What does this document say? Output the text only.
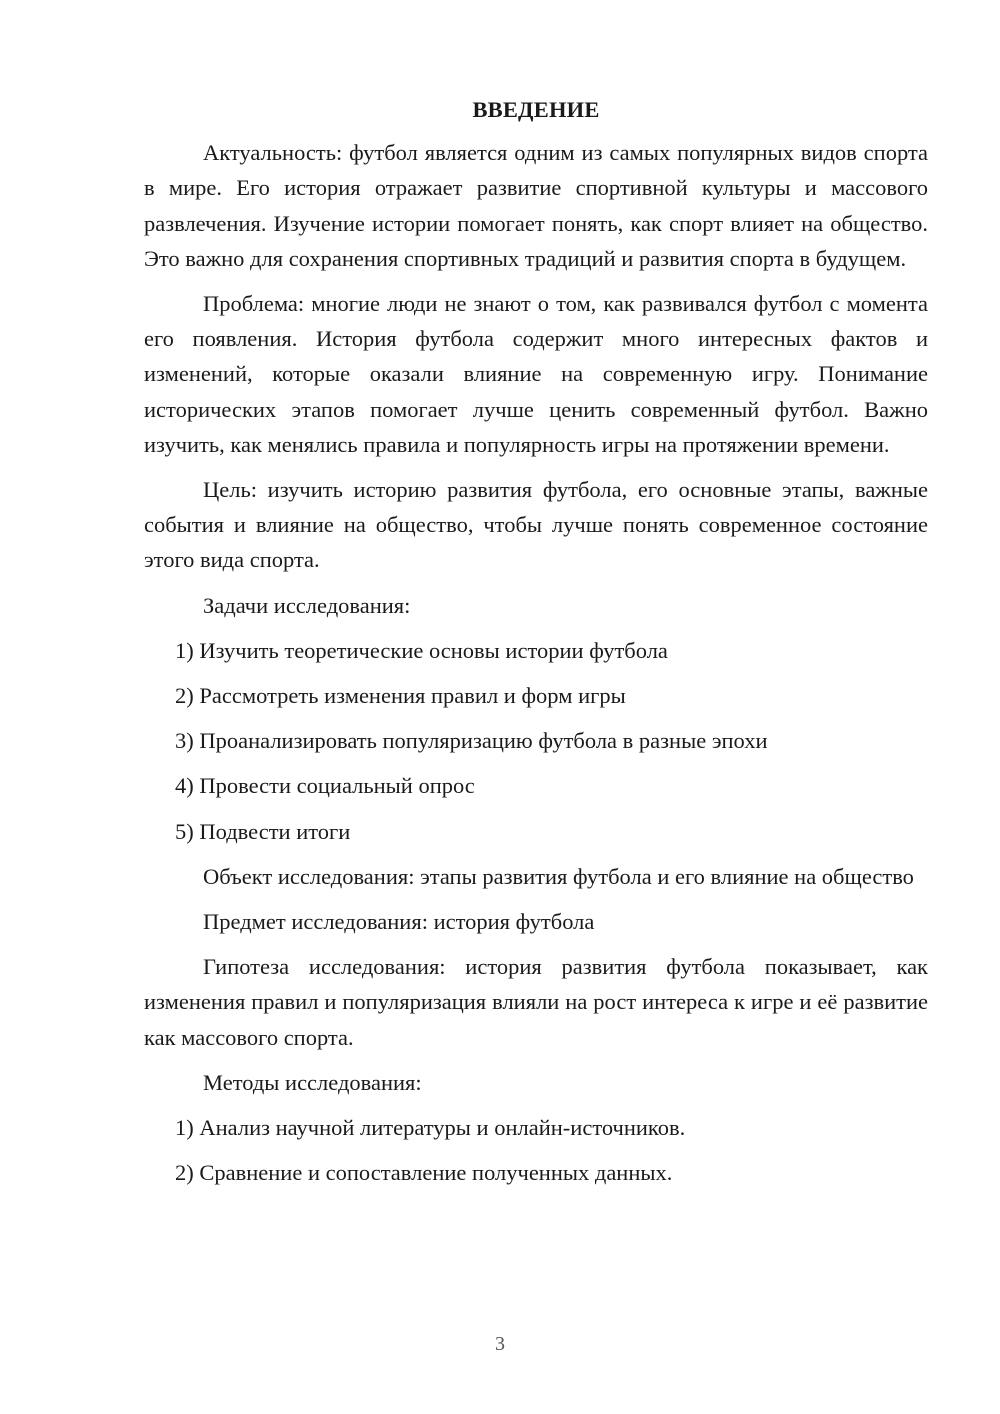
ВВЕДЕНИЕ

Актуальность: футбол является одним из самых популярных видов спорта в мире. Его история отражает развитие спортивной культуры и массового развлечения. Изучение истории помогает понять, как спорт влияет на общество. Это важно для сохранения спортивных традиций и развития спорта в будущем.

Проблема: многие люди не знают о том, как развивался футбол с момента его появления. История футбола содержит много интересных фактов и изменений, которые оказали влияние на современную игру. Понимание исторических этапов помогает лучше ценить современный футбол. Важно изучить, как менялись правила и популярность игры на протяжении времени.

Цель: изучить историю развития футбола, его основные этапы, важные события и влияние на общество, чтобы лучше понять современное состояние этого вида спорта.

Задачи исследования:

1) Изучить теоретические основы истории футбола

2) Рассмотреть изменения правил и форм игры

3) Проанализировать популяризацию футбола в разные эпохи

4) Провести социальный опрос

5) Подвести итоги

Объект исследования: этапы развития футбола и его влияние на общество

Предмет исследования: история футбола

Гипотеза исследования: история развития футбола показывает, как изменения правил и популяризация влияли на рост интереса к игре и её развитие как массового спорта.

Методы исследования:

1) Анализ научной литературы и онлайн-источников.

2) Сравнение и сопоставление полученных данных.

3
